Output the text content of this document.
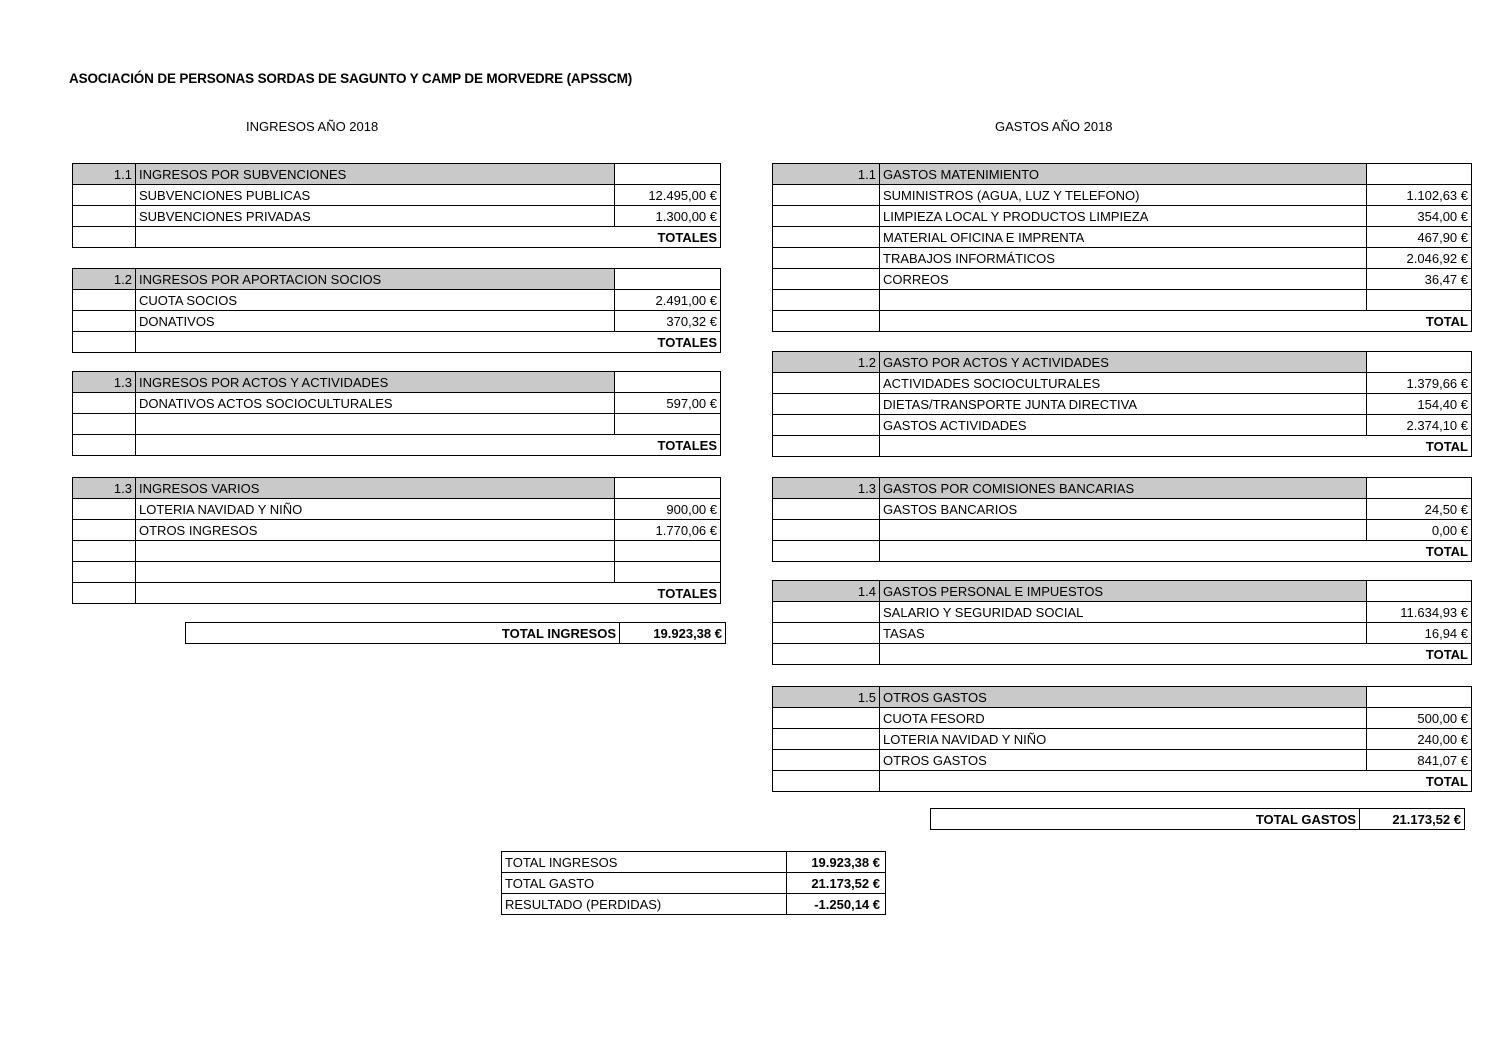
ASOCIACIÓN DE PERSONAS SORDAS DE SAGUNTO Y CAMP DE MORVEDRE (APSSCM)
INGRESOS AÑO 2018	GASTOS AÑO 2018
1.1	INGRESOS POR SUBVENCIONES		
	SUBVENCIONES PUBLICAS	12.495,00 €	
	SUBVENCIONES PRIVADAS	1.300,00 €	
	TOTALES	
1.2	INGRESOS POR APORTACION SOCIOS		
	CUOTA SOCIOS	2.491,00 €	
	DONATIVOS	370,32 €	
	TOTALES	
1.3	INGRESOS POR ACTOS Y ACTIVIDADES		
	DONATIVOS ACTOS SOCIOCULTURALES	597,00 €	

	TOTALES	
1.3	INGRESOS VARIOS		
	LOTERIA NAVIDAD Y NIÑO	900,00 €	
	OTROS INGRESOS	1.770,06 €	

	TOTALES	
TOTAL INGRESOS	19.923,38 €
1.1	GASTOS MATENIMIENTO		
	SUMINISTROS (AGUA, LUZ Y TELEFONO)	1.102,63 €	
	LIMPIEZA LOCAL Y PRODUCTOS LIMPIEZA	354,00 €	
	MATERIAL OFICINA E IMPRENTA	467,90 €	
	TRABAJOS INFORMÁTICOS	2.046,92 €	
	CORREOS	36,47 €	

	TOTAL	
1.2	GASTO POR ACTOS Y ACTIVIDADES		
	ACTIVIDADES SOCIOCULTURALES	1.379,66 €	
	DIETAS/TRANSPORTE JUNTA DIRECTIVA	154,40 €	
	GASTOS ACTIVIDADES	2.374,10 €	
	TOTAL	
1.3	GASTOS POR COMISIONES BANCARIAS		
	GASTOS BANCARIOS	24,50 €	
		0,00 €	
	TOTAL	
1.4	GASTOS PERSONAL E IMPUESTOS		
	SALARIO Y SEGURIDAD SOCIAL	11.634,93 €	
	TASAS	16,94 €	
	TOTAL	
1.5	OTROS GASTOS		
	CUOTA FESORD	500,00 €	
	LOTERIA NAVIDAD Y NIÑO	240,00 €	
	OTROS GASTOS	841,07 €	
	TOTAL	
TOTAL GASTOS	21.173,52 €
TOTAL INGRESOS	19.923,38 €
TOTAL GASTO	21.173,52 €
RESULTADO (PERDIDAS)	-1.250,14 €
